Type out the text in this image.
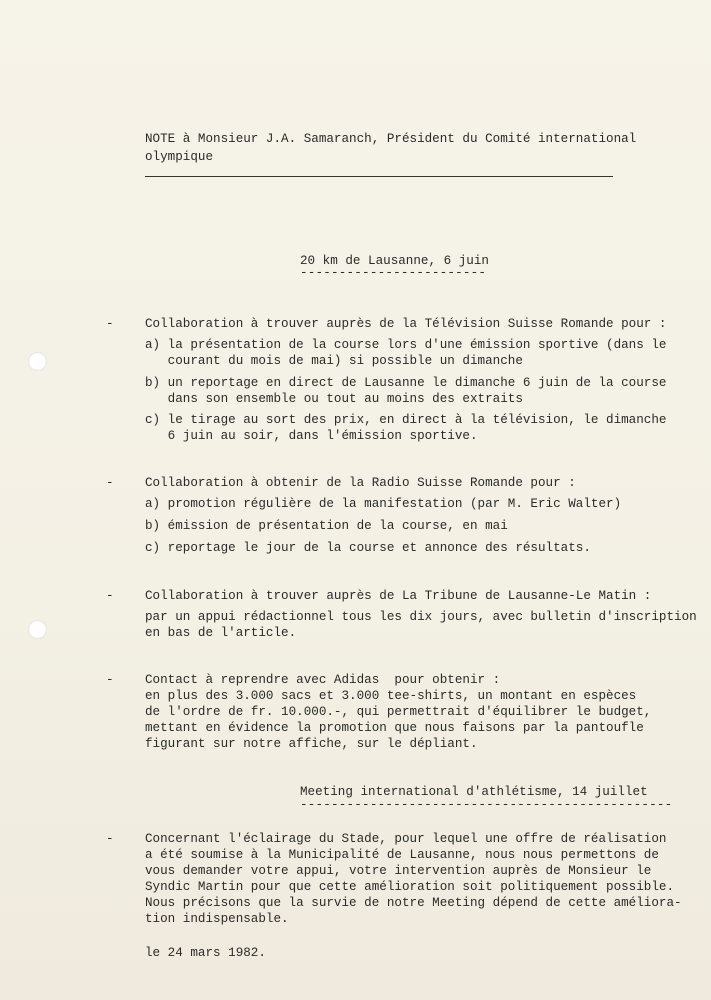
NOTE à Monsieur J.A. Samaranch, Président du Comité international
olympique
20 km de Lausanne, 6 juin
------------------------
- Collaboration à trouver auprès de la Télévision Suisse Romande pour :
a) la présentation de la course lors d'une émission sportive (dans le
courant du mois de mai) si possible un dimanche
b) un reportage en direct de Lausanne le dimanche 6 juin de la course
dans son ensemble ou tout au moins des extraits
c) le tirage au sort des prix, en direct à la télévision, le dimanche
6 juin au soir, dans l'émission sportive.
- Collaboration à obtenir de la Radio Suisse Romande pour :
a) promotion régulière de la manifestation (par M. Eric Walter)
b) émission de présentation de la course, en mai
c) reportage le jour de la course et annonce des résultats.
- Collaboration à trouver auprès de La Tribune de Lausanne-Le Matin :
par un appui rédactionnel tous les dix jours, avec bulletin d'inscription
en bas de l'article.
- Contact à reprendre avec Adidas  pour obtenir :
en plus des 3.000 sacs et 3.000 tee-shirts, un montant en espèces
de l'ordre de fr. 10.000.-, qui permettrait d'équilibrer le budget,
mettant en évidence la promotion que nous faisons par la pantoufle
figurant sur notre affiche, sur le dépliant.
Meeting international d'athlétisme, 14 juillet
------------------------------------------------
- Concernant l'éclairage du Stade, pour lequel une offre de réalisation
a été soumise à la Municipalité de Lausanne, nous nous permettons de
vous demander votre appui, votre intervention auprès de Monsieur le
Syndic Martin pour que cette amélioration soit politiquement possible.
Nous précisons que la survie de notre Meeting dépend de cette améliora-
tion indispensable.
le 24 mars 1982.
